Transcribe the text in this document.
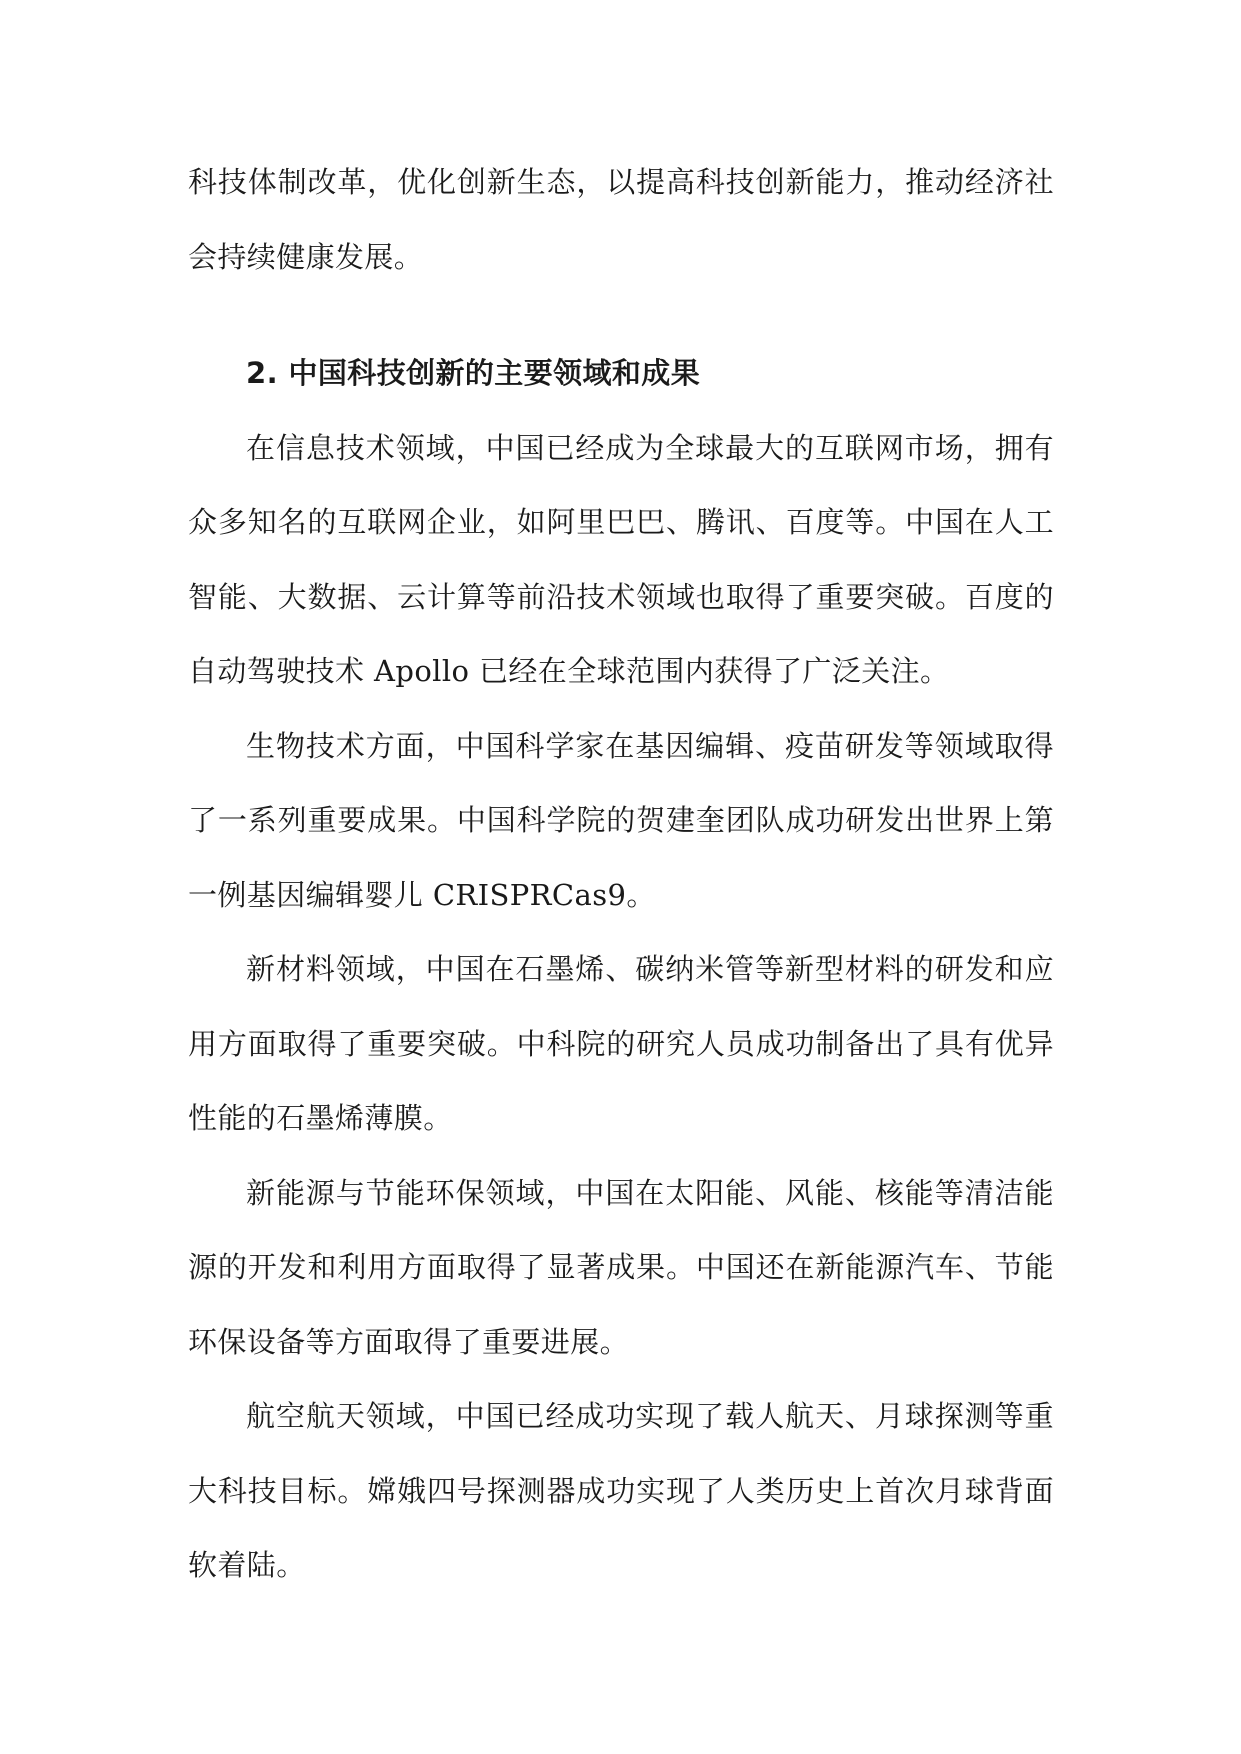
科技体制改革，优化创新生态，以提高科技创新能力，推动经济社会持续健康发展。

2. 中国科技创新的主要领域和成果

在信息技术领域，中国已经成为全球最大的互联网市场，拥有众多知名的互联网企业，如阿里巴巴、腾讯、百度等。中国在人工智能、大数据、云计算等前沿技术领域也取得了重要突破。百度的自动驾驶技术 Apollo 已经在全球范围内获得了广泛关注。

生物技术方面，中国科学家在基因编辑、疫苗研发等领域取得了一系列重要成果。中国科学院的贺建奎团队成功研发出世界上第一例基因编辑婴儿 CRISPRCas9。

新材料领域，中国在石墨烯、碳纳米管等新型材料的研发和应用方面取得了重要突破。中科院的研究人员成功制备出了具有优异性能的石墨烯薄膜。

新能源与节能环保领域，中国在太阳能、风能、核能等清洁能源的开发和利用方面取得了显著成果。中国还在新能源汽车、节能环保设备等方面取得了重要进展。

航空航天领域，中国已经成功实现了载人航天、月球探测等重大科技目标。嫦娥四号探测器成功实现了人类历史上首次月球背面软着陆。
